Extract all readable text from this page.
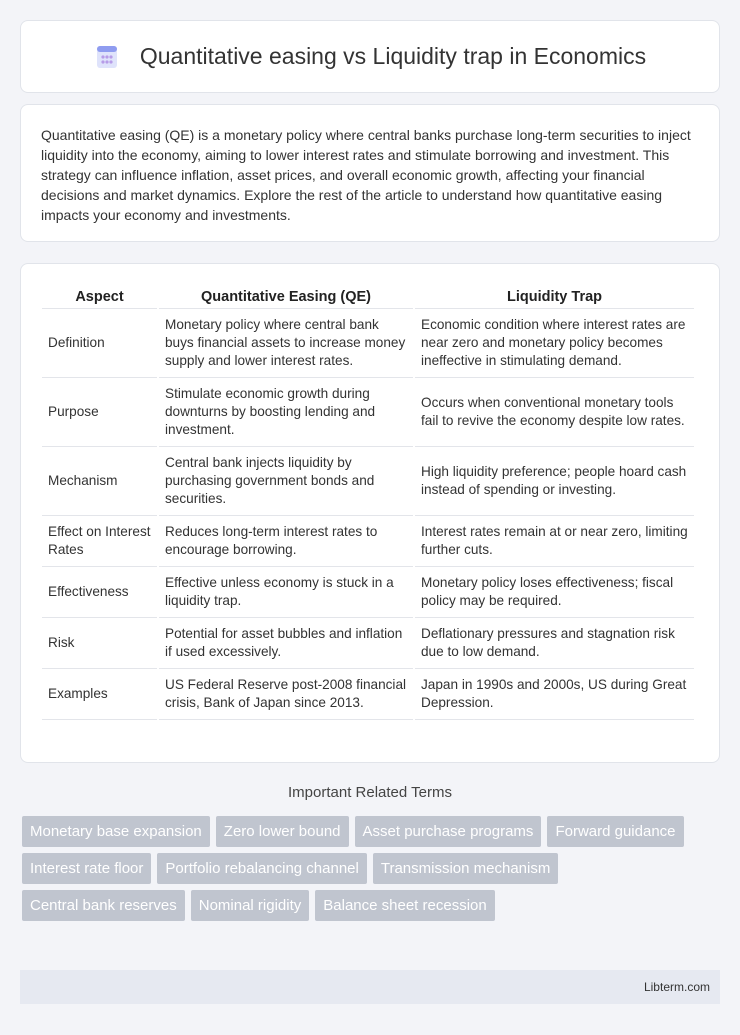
Quantitative easing vs Liquidity trap in Economics

Quantitative easing (QE) is a monetary policy where central banks purchase long-term securities to inject liquidity into the economy, aiming to lower interest rates and stimulate borrowing and investment. This strategy can influence inflation, asset prices, and overall economic growth, affecting your financial decisions and market dynamics. Explore the rest of the article to understand how quantitative easing impacts your economy and investments.

Aspect	Quantitative Easing (QE)	Liquidity Trap
Definition	Monetary policy where central bank buys financial assets to increase money supply and lower interest rates.	Economic condition where interest rates are near zero and monetary policy becomes ineffective in stimulating demand.
Purpose	Stimulate economic growth during downturns by boosting lending and investment.	Occurs when conventional monetary tools fail to revive the economy despite low rates.
Mechanism	Central bank injects liquidity by purchasing government bonds and securities.	High liquidity preference; people hoard cash instead of spending or investing.
Effect on Interest Rates	Reduces long-term interest rates to encourage borrowing.	Interest rates remain at or near zero, limiting further cuts.
Effectiveness	Effective unless economy is stuck in a liquidity trap.	Monetary policy loses effectiveness; fiscal policy may be required.
Risk	Potential for asset bubbles and inflation if used excessively.	Deflationary pressures and stagnation risk due to low demand.
Examples	US Federal Reserve post-2008 financial crisis, Bank of Japan since 2013.	Japan in 1990s and 2000s, US during Great Depression.
Important Related Terms
Monetary base expansion	Zero lower bound	Asset purchase programs	Forward guidance
Interest rate floor	Portfolio rebalancing channel	Transmission mechanism
Central bank reserves	Nominal rigidity	Balance sheet recession
Libterm.com
